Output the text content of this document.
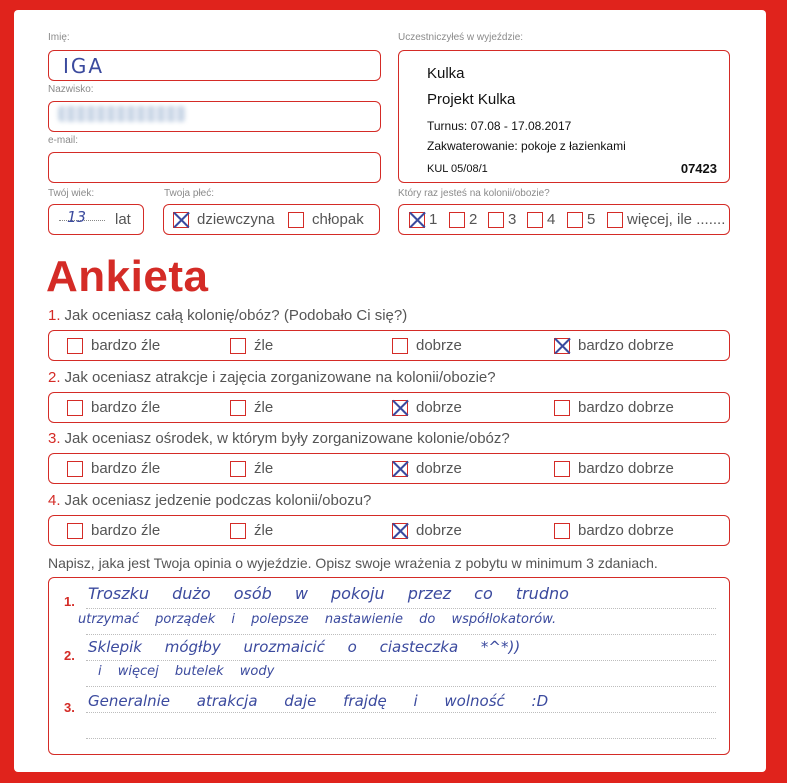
Imię:
IGA
Nazwisko:
e-mail:
Twój wiek:
13 lat
Twoja płeć:
dziewczyna chłopak
Uczestniczyłeś w wyjeździe:
Kulka
Projekt Kulka
Turnus: 07.08 - 17.08.2017
Zakwaterowanie: pokoje z łazienkami
KUL 05/08/1	07423
Który raz jesteś na kolonii/obozie?
1 2 3 4 5 więcej, ile .......
Ankieta
1. Jak oceniasz całą kolonię/obóz? (Podobało Ci się?)
bardzo źle	źle	dobrze	bardzo dobrze
2. Jak oceniasz atrakcje i zajęcia zorganizowane na kolonii/obozie?
bardzo źle	źle	dobrze	bardzo dobrze
3. Jak oceniasz ośrodek, w którym były zorganizowane kolonie/obóz?
bardzo źle	źle	dobrze	bardzo dobrze
4. Jak oceniasz jedzenie podczas kolonii/obozu?
bardzo źle	źle	dobrze	bardzo dobrze
Napisz, jaka jest Twoja opinia o wyjeździe. Opisz swoje wrażenia z pobytu w minimum 3 zdaniach.
1.
2.
3.
Troszku dużo osób w pokoju przez co trudno
utrzymać porządek i polepsze nastawienie do współlokatorów.
Sklepik mógłby urozmaicić o ciasteczka *^*))
i więcej butelek wody
Generalnie atrakcja daje frajdę i wolność :D
